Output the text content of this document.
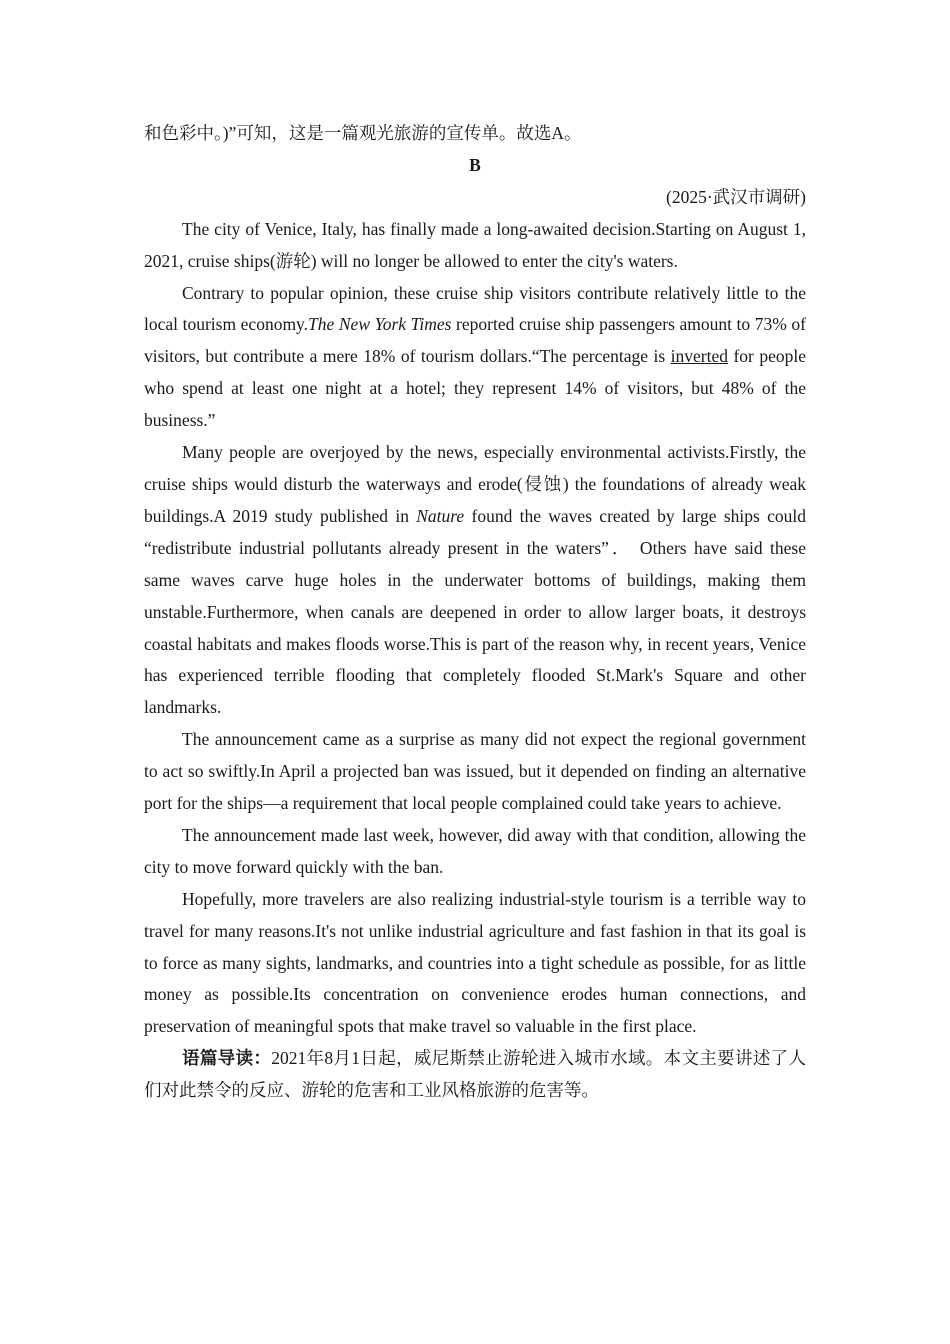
和色彩中。)”可知，这是一篇观光旅游的宣传单。故选A。
B
(2025·武汉市调研)

The city of Venice, Italy, has finally made a long-awaited decision.Starting on August 1, 2021, cruise ships(游轮) will no longer be allowed to enter the city's waters.

Contrary to popular opinion, these cruise ship visitors contribute relatively little to the local tourism economy.The New York Times reported cruise ship passengers amount to 73% of visitors, but contribute a mere 18% of tourism dollars.“The percentage is inverted for people who spend at least one night at a hotel; they represent 14% of visitors, but 48% of the business.”

Many people are overjoyed by the news, especially environmental activists.Firstly, the cruise ships would disturb the waterways and erode(侵蚀) the foundations of already weak buildings.A 2019 study published in Nature found the waves created by large ships could “redistribute industrial pollutants already present in the waters”． Others have said these same waves carve huge holes in the underwater bottoms of buildings, making them unstable.Furthermore, when canals are deepened in order to allow larger boats, it destroys coastal habitats and makes floods worse.This is part of the reason why, in recent years, Venice has experienced terrible flooding that completely flooded St.Mark's Square and other landmarks.

The announcement came as a surprise as many did not expect the regional government to act so swiftly.In April a projected ban was issued, but it depended on finding an alternative port for the ships—a requirement that local people complained could take years to achieve.

The announcement made last week, however, did away with that condition, allowing the city to move forward quickly with the ban.

Hopefully, more travelers are also realizing industrial-style tourism is a terrible way to travel for many reasons.It's not unlike industrial agriculture and fast fashion in that its goal is to force as many sights, landmarks, and countries into a tight schedule as possible, for as little money as possible.Its concentration on convenience erodes human connections, and preservation of meaningful spots that make travel so valuable in the first place.

语篇导读：2021年8月1日起，威尼斯禁止游轮进入城市水域。本文主要讲述了人们对此禁令的反应、游轮的危害和工业风格旅游的危害等。
